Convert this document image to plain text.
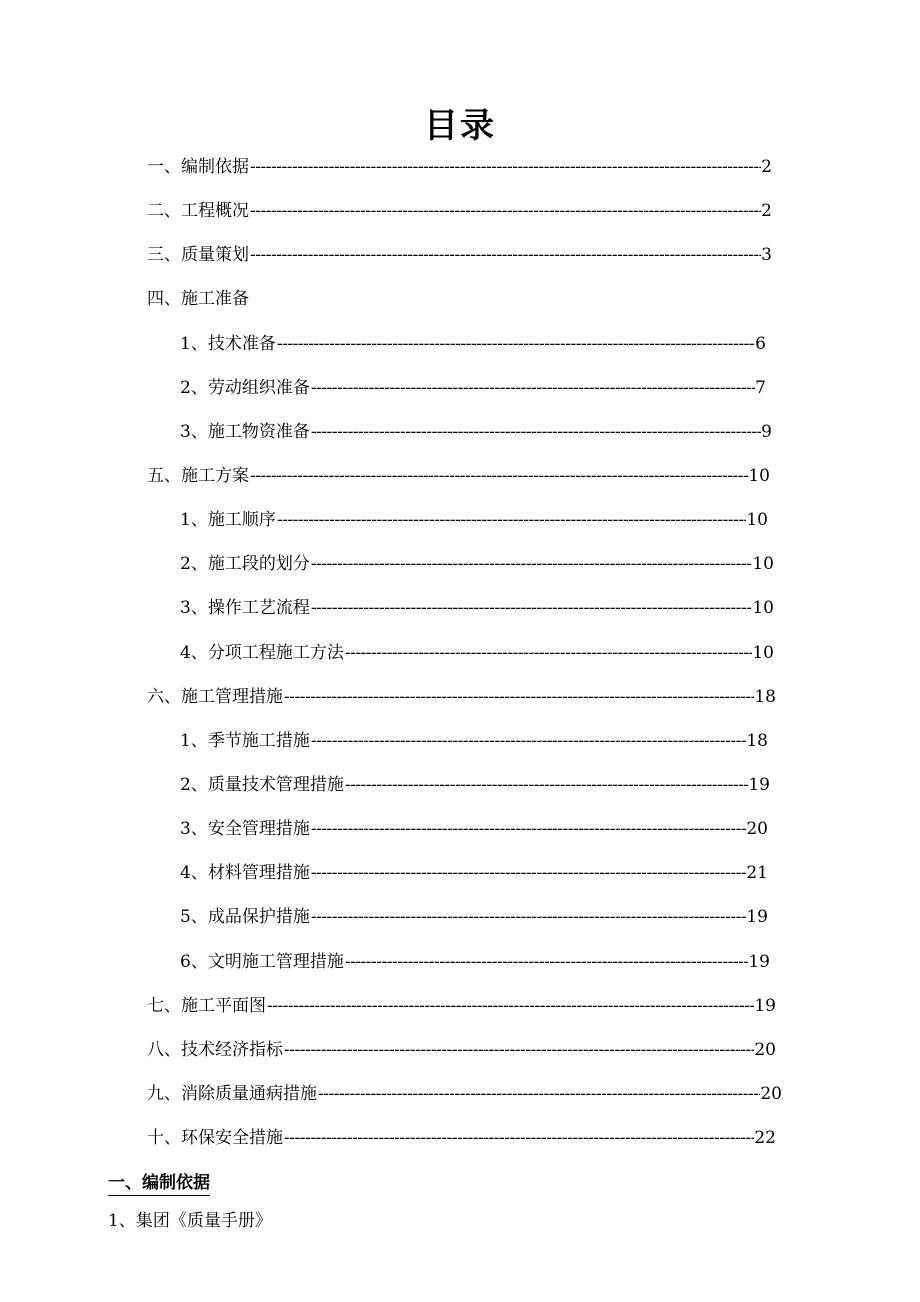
目录
一、编制依据 -----	2
二、工程概况 -----	2
三、质量策划 -----	3
四、施工准备
1、技术准备 -----	6
2、劳动组织准备 -----	7
3、施工物资准备 -----	9
五、施工方案 -----	10
1、施工顺序 -----	10
2、施工段的划分 -----	10
3、操作工艺流程 -----	10
4、分项工程施工方法 -----	10
六、施工管理措施 -----	18
1、季节施工措施 -----	18
2、质量技术管理措施 -----	19
3、安全管理措施 -----	20
4、材料管理措施 -----	21
5、成品保护措施 -----	19
6、文明施工管理措施 -----	19
七、施工平面图 -----	19
八、技术经济指标 -----	20
九、消除质量通病措施 -----	20
十、环保安全措施 -----	22
一、编制依据
1、集团《质量手册》
